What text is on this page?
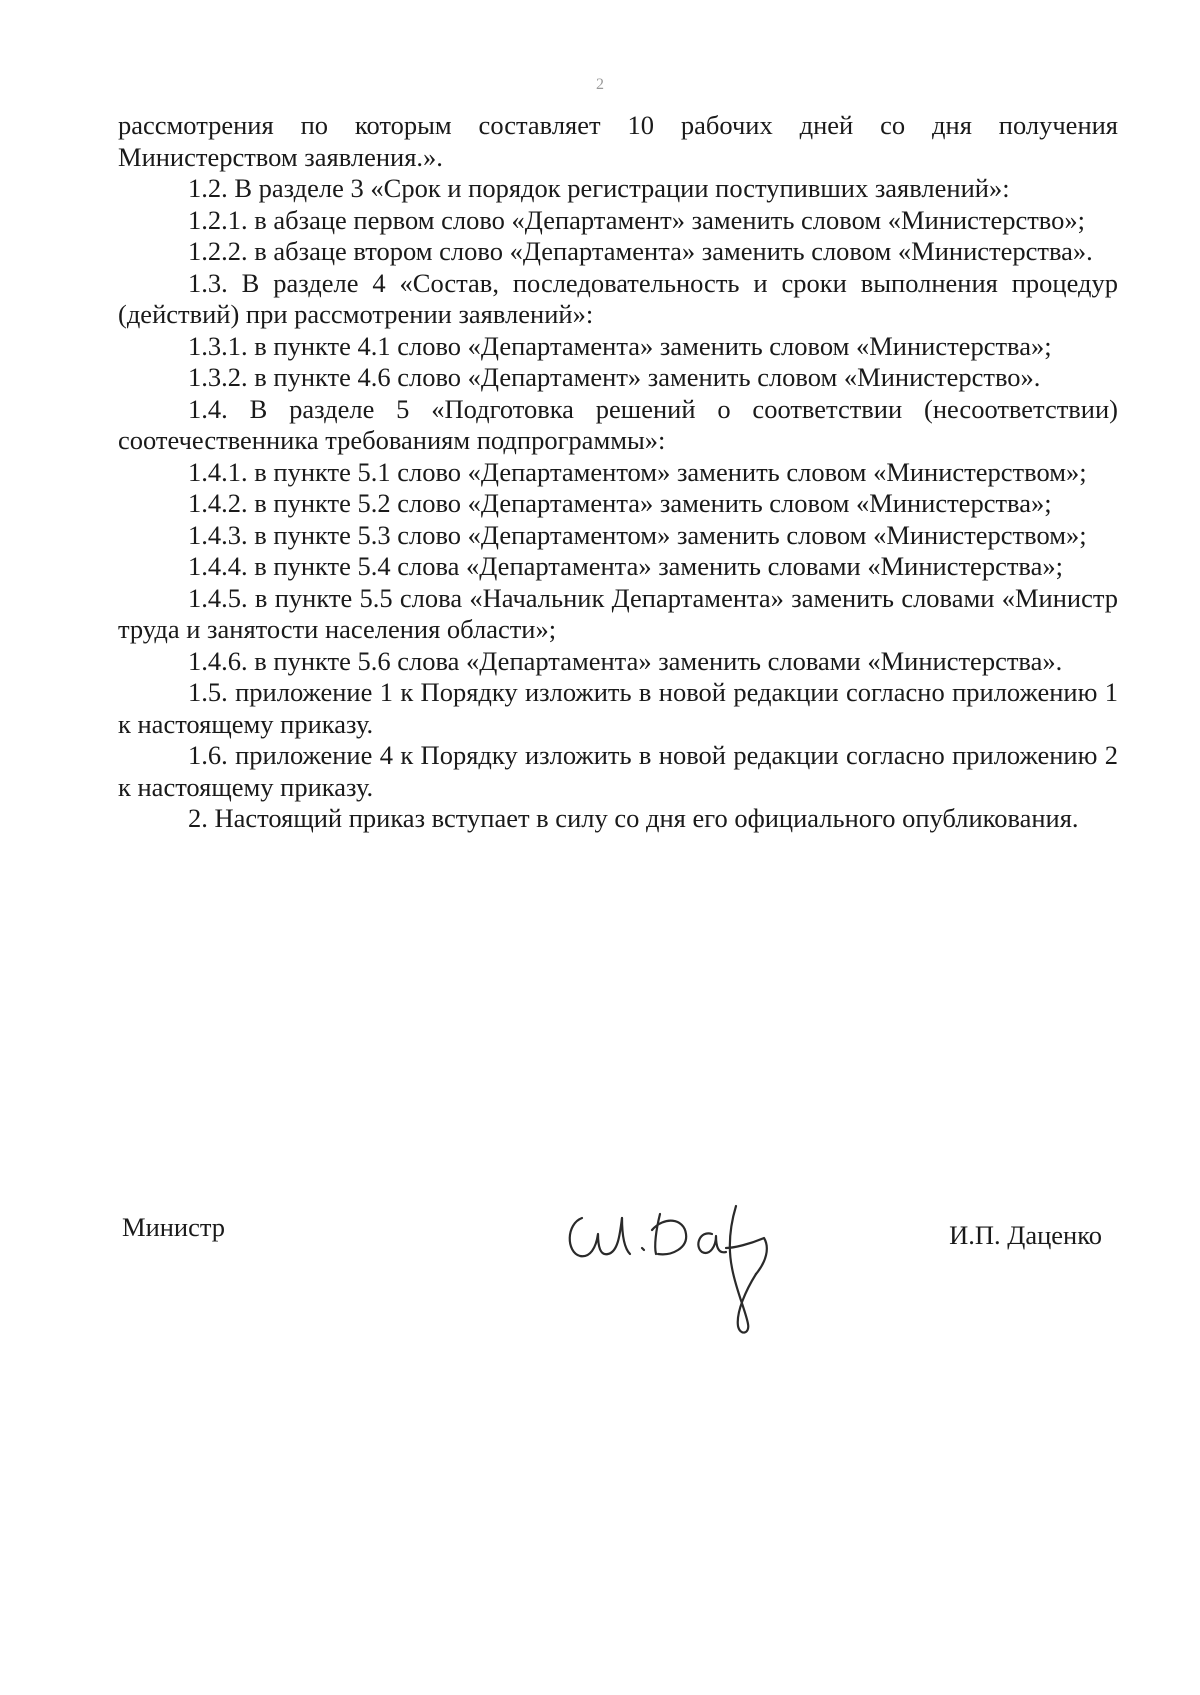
2

рассмотрения по которым составляет 10 рабочих дней со дня получения Министерством заявления.».

1.2. В разделе 3 «Срок и порядок регистрации поступивших заявлений»:

1.2.1. в абзаце первом слово «Департамент» заменить словом «Министерство»;

1.2.2. в абзаце втором слово «Департамента» заменить словом «Министерства».

1.3. В разделе 4 «Состав, последовательность и сроки выполнения процедур (действий) при рассмотрении заявлений»:

1.3.1. в пункте 4.1 слово «Департамента» заменить словом «Министерства»;

1.3.2. в пункте 4.6 слово «Департамент» заменить словом «Министерство».

1.4. В разделе 5 «Подготовка решений о соответствии (несоответствии) соотечественника требованиям подпрограммы»:

1.4.1. в пункте 5.1 слово «Департаментом» заменить словом «Министерством»;

1.4.2. в пункте 5.2 слово «Департамента» заменить словом «Министерства»;

1.4.3. в пункте 5.3 слово «Департаментом» заменить словом «Министерством»;

1.4.4. в пункте 5.4 слова «Департамента» заменить словами «Министерства»;

1.4.5. в пункте 5.5 слова «Начальник Департамента» заменить словами «Министр труда и занятости населения области»;

1.4.6. в пункте 5.6 слова «Департамента» заменить словами «Министерства».

1.5. приложение 1 к Порядку изложить в новой редакции согласно приложению 1 к настоящему приказу.

1.6. приложение 4 к Порядку изложить в новой редакции согласно приложению 2 к настоящему приказу.

2. Настоящий приказ вступает в силу со дня его официального опубликования.

Министр	И.П. Даценко
